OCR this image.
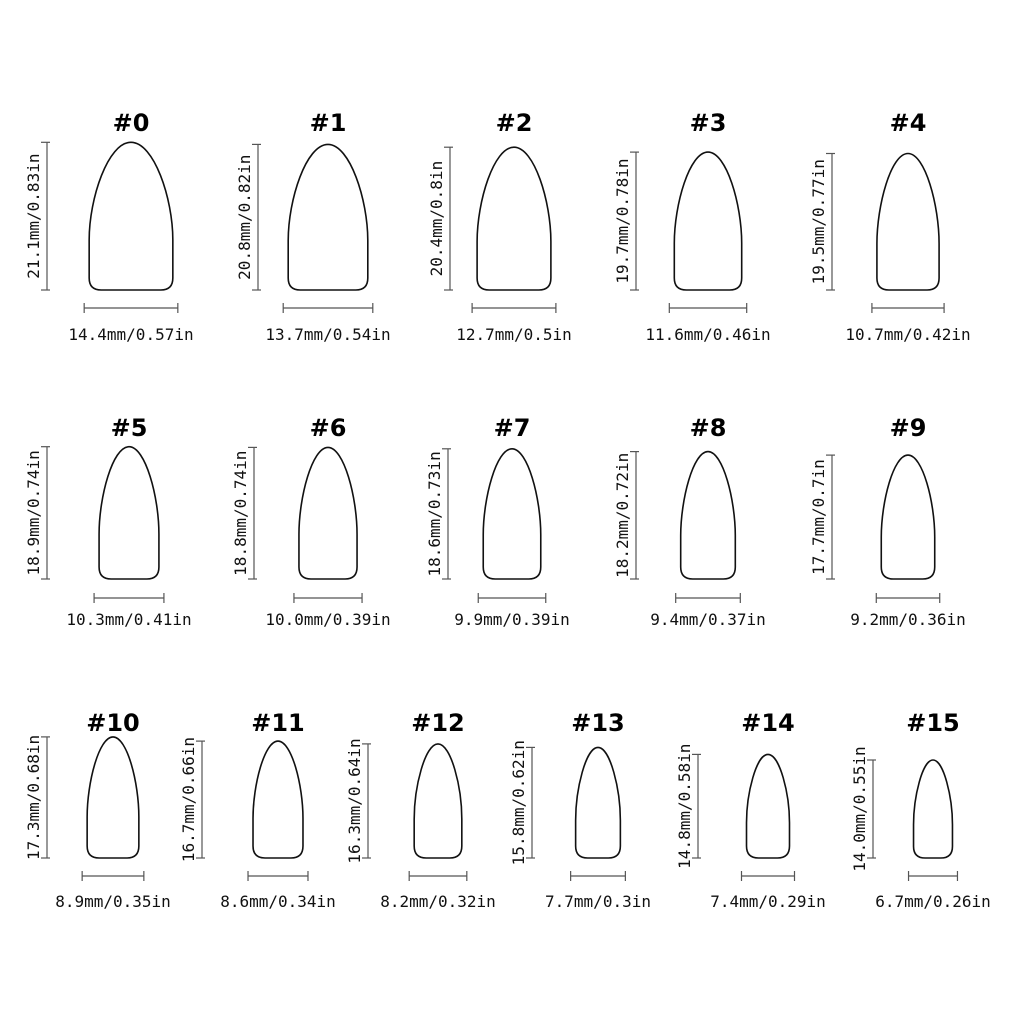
#0
21.1mm/0.83in
14.4mm/0.57in
#1
20.8mm/0.82in
13.7mm/0.54in
#2
20.4mm/0.8in
12.7mm/0.5in
#3
19.7mm/0.78in
11.6mm/0.46in
#4
19.5mm/0.77in
10.7mm/0.42in
#5
18.9mm/0.74in
10.3mm/0.41in
#6
18.8mm/0.74in
10.0mm/0.39in
#7
18.6mm/0.73in
9.9mm/0.39in
#8
18.2mm/0.72in
9.4mm/0.37in
#9
17.7mm/0.7in
9.2mm/0.36in
#10
17.3mm/0.68in
8.9mm/0.35in
#11
16.7mm/0.66in
8.6mm/0.34in
#12
16.3mm/0.64in
8.2mm/0.32in
#13
15.8mm/0.62in
7.7mm/0.3in
#14
14.8mm/0.58in
7.4mm/0.29in
#15
14.0mm/0.55in
6.7mm/0.26in
